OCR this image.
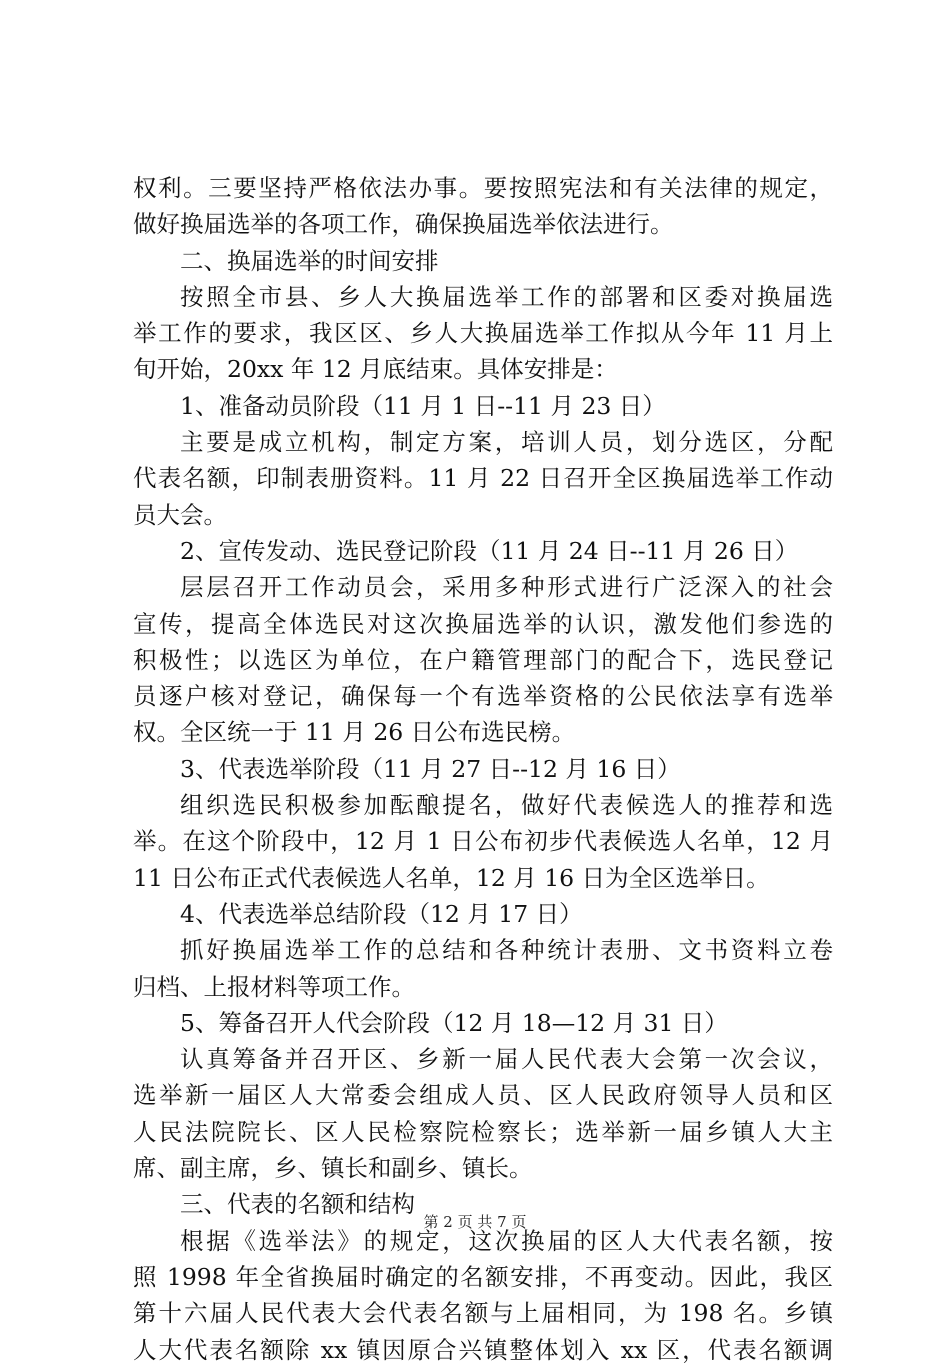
权利。三要坚持严格依法办事。要按照宪法和有关法律的规定，
做好换届选举的各项工作，确保换届选举依法进行。
二、换届选举的时间安排
按照全市县、乡人大换届选举工作的部署和区委对换届选
举工作的要求，我区区、乡人大换届选举工作拟从今年 11 月上
旬开始，20xx 年 12 月底结束。具体安排是：
1、准备动员阶段（11 月 1 日--11 月 23 日）
主要是成立机构，制定方案，培训人员，划分选区，分配
代表名额，印制表册资料。11 月 22 日召开全区换届选举工作动
员大会。
2、宣传发动、选民登记阶段（11 月 24 日--11 月 26 日）
层层召开工作动员会，采用多种形式进行广泛深入的社会
宣传，提高全体选民对这次换届选举的认识，激发他们参选的
积极性；以选区为单位，在户籍管理部门的配合下，选民登记
员逐户核对登记，确保每一个有选举资格的公民依法享有选举
权。全区统一于 11 月 26 日公布选民榜。
3、代表选举阶段（11 月 27 日--12 月 16 日）
组织选民积极参加酝酿提名，做好代表候选人的推荐和选
举。在这个阶段中，12 月 1 日公布初步代表候选人名单，12 月
11 日公布正式代表候选人名单，12 月 16 日为全区选举日。
4、代表选举总结阶段（12 月 17 日）
抓好换届选举工作的总结和各种统计表册、文书资料立卷
归档、上报材料等项工作。
5、筹备召开人代会阶段（12 月 18—12 月 31 日）
认真筹备并召开区、乡新一届人民代表大会第一次会议，
选举新一届区人大常委会组成人员、区人民政府领导人员和区
人民法院院长、区人民检察院检察长；选举新一届乡镇人大主
席、副主席，乡、镇长和副乡、镇长。
三、代表的名额和结构
根据《选举法》的规定，这次换届的区人大代表名额，按
照 1998 年全省换届时确定的名额安排，不再变动。因此，我区
第十六届人民代表大会代表名额与上届相同，为 198 名。乡镇
人大代表名额除 xx 镇因原合兴镇整体划入 xx 区，代表名额调
第 2 页 共 7 页
